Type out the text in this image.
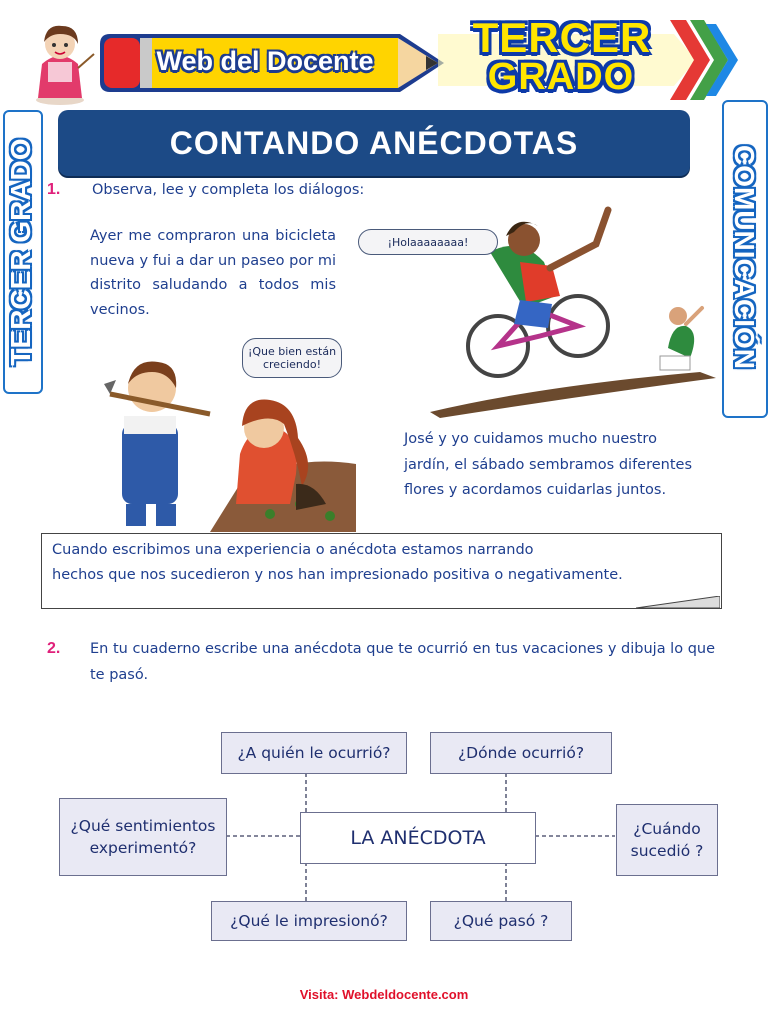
Web del Docente TERCER
GRADO
TERCER GRADO	COMUNICACIÓN
CONTANDO ANÉCDOTAS
1. Observa, lee y completa los diálogos:
Ayer me compraron una bicicleta nueva y fui a dar un paseo por mi distrito saludando a todos mis vecinos.
¡Holaaaaaaaa!
¡Que bien están creciendo!
José y yo cuidamos mucho nuestro jardín, el sábado sembramos diferentes flores y acordamos cuidarlas juntos.
Cuando escribimos una experiencia o anécdota estamos narrando
hechos que nos sucedieron y nos han impresionado positiva o negativamente.
2. En tu cuaderno escribe una anécdota que te ocurrió en tus vacaciones y dibuja lo que te pasó.
¿A quién le ocurrió?	¿Dónde ocurrió?
¿Qué sentimientos experimentó?	LA ANÉCDOTA	¿Cuándo sucedió ?
¿Qué le impresionó?	¿Qué pasó ?
Visita: Webdeldocente.com
